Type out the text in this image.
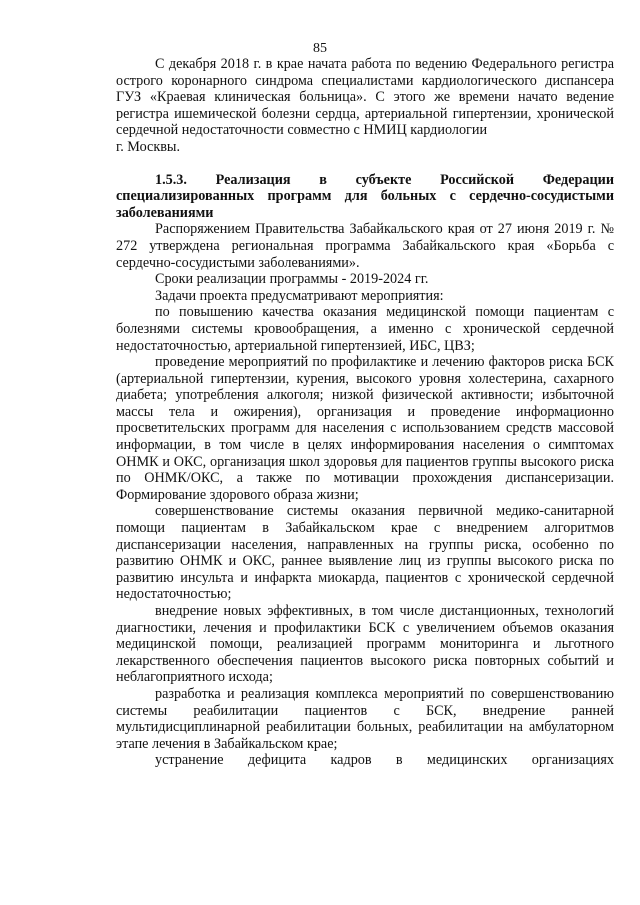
85

С декабря 2018 г. в крае начата работа по ведению Федерального регистра острого коронарного синдрома специалистами кардиологического диспансера ГУЗ «Краевая клиническая больница». С этого же времени начато ведение регистра ишемической болезни сердца, артериальной гипертензии, хронической сердечной недостаточности совместно с НМИЦ кардиологии

г. Москвы.

1.5.3. Реализация в субъекте Российской Федерации специализированных программ для больных с сердечно-сосудистыми заболеваниями

Распоряжением Правительства Забайкальского края от 27 июня 2019 г. № 272 утверждена региональная программа Забайкальского края «Борьба с сердечно-сосудистыми заболеваниями».

Сроки реализации программы - 2019-2024 гг.

Задачи проекта предусматривают мероприятия:

по повышению качества оказания медицинской помощи пациентам с болезнями системы кровообращения, а именно с хронической сердечной недостаточностью, артериальной гипертензией, ИБС, ЦВЗ;

проведение мероприятий по профилактике и лечению факторов риска БСК (артериальной гипертензии, курения, высокого уровня холестерина, сахарного диабета; употребления алкоголя; низкой физической активности; избыточной массы тела и ожирения), организация и проведение информационно просветительских программ для населения с использованием средств массовой информации, в том числе в целях информирования населения о симптомах ОНМК и ОКС, организация школ здоровья для пациентов группы высокого риска по ОНМК/ОКС, а также по мотивации прохождения диспансеризации. Формирование здорового образа жизни;

совершенствование системы оказания первичной медико-санитарной помощи пациентам в Забайкальском крае с внедрением алгоритмов диспансеризации населения, направленных на группы риска, особенно по развитию ОНМК и ОКС, раннее выявление лиц из группы высокого риска по развитию инсульта и инфаркта миокарда, пациентов с хронической сердечной недостаточностью;

внедрение новых эффективных, в том числе дистанционных, технологий диагностики, лечения и профилактики БСК с увеличением объемов оказания медицинской помощи, реализацией программ мониторинга и льготного лекарственного обеспечения пациентов высокого риска повторных событий и неблагоприятного исхода;

разработка и реализация комплекса мероприятий по совершенствованию системы реабилитации пациентов с БСК, внедрение ранней мультидисциплинарной реабилитации больных, реабилитации на амбулаторном этапе лечения в Забайкальском крае;

устранение дефицита кадров в медицинских организациях
